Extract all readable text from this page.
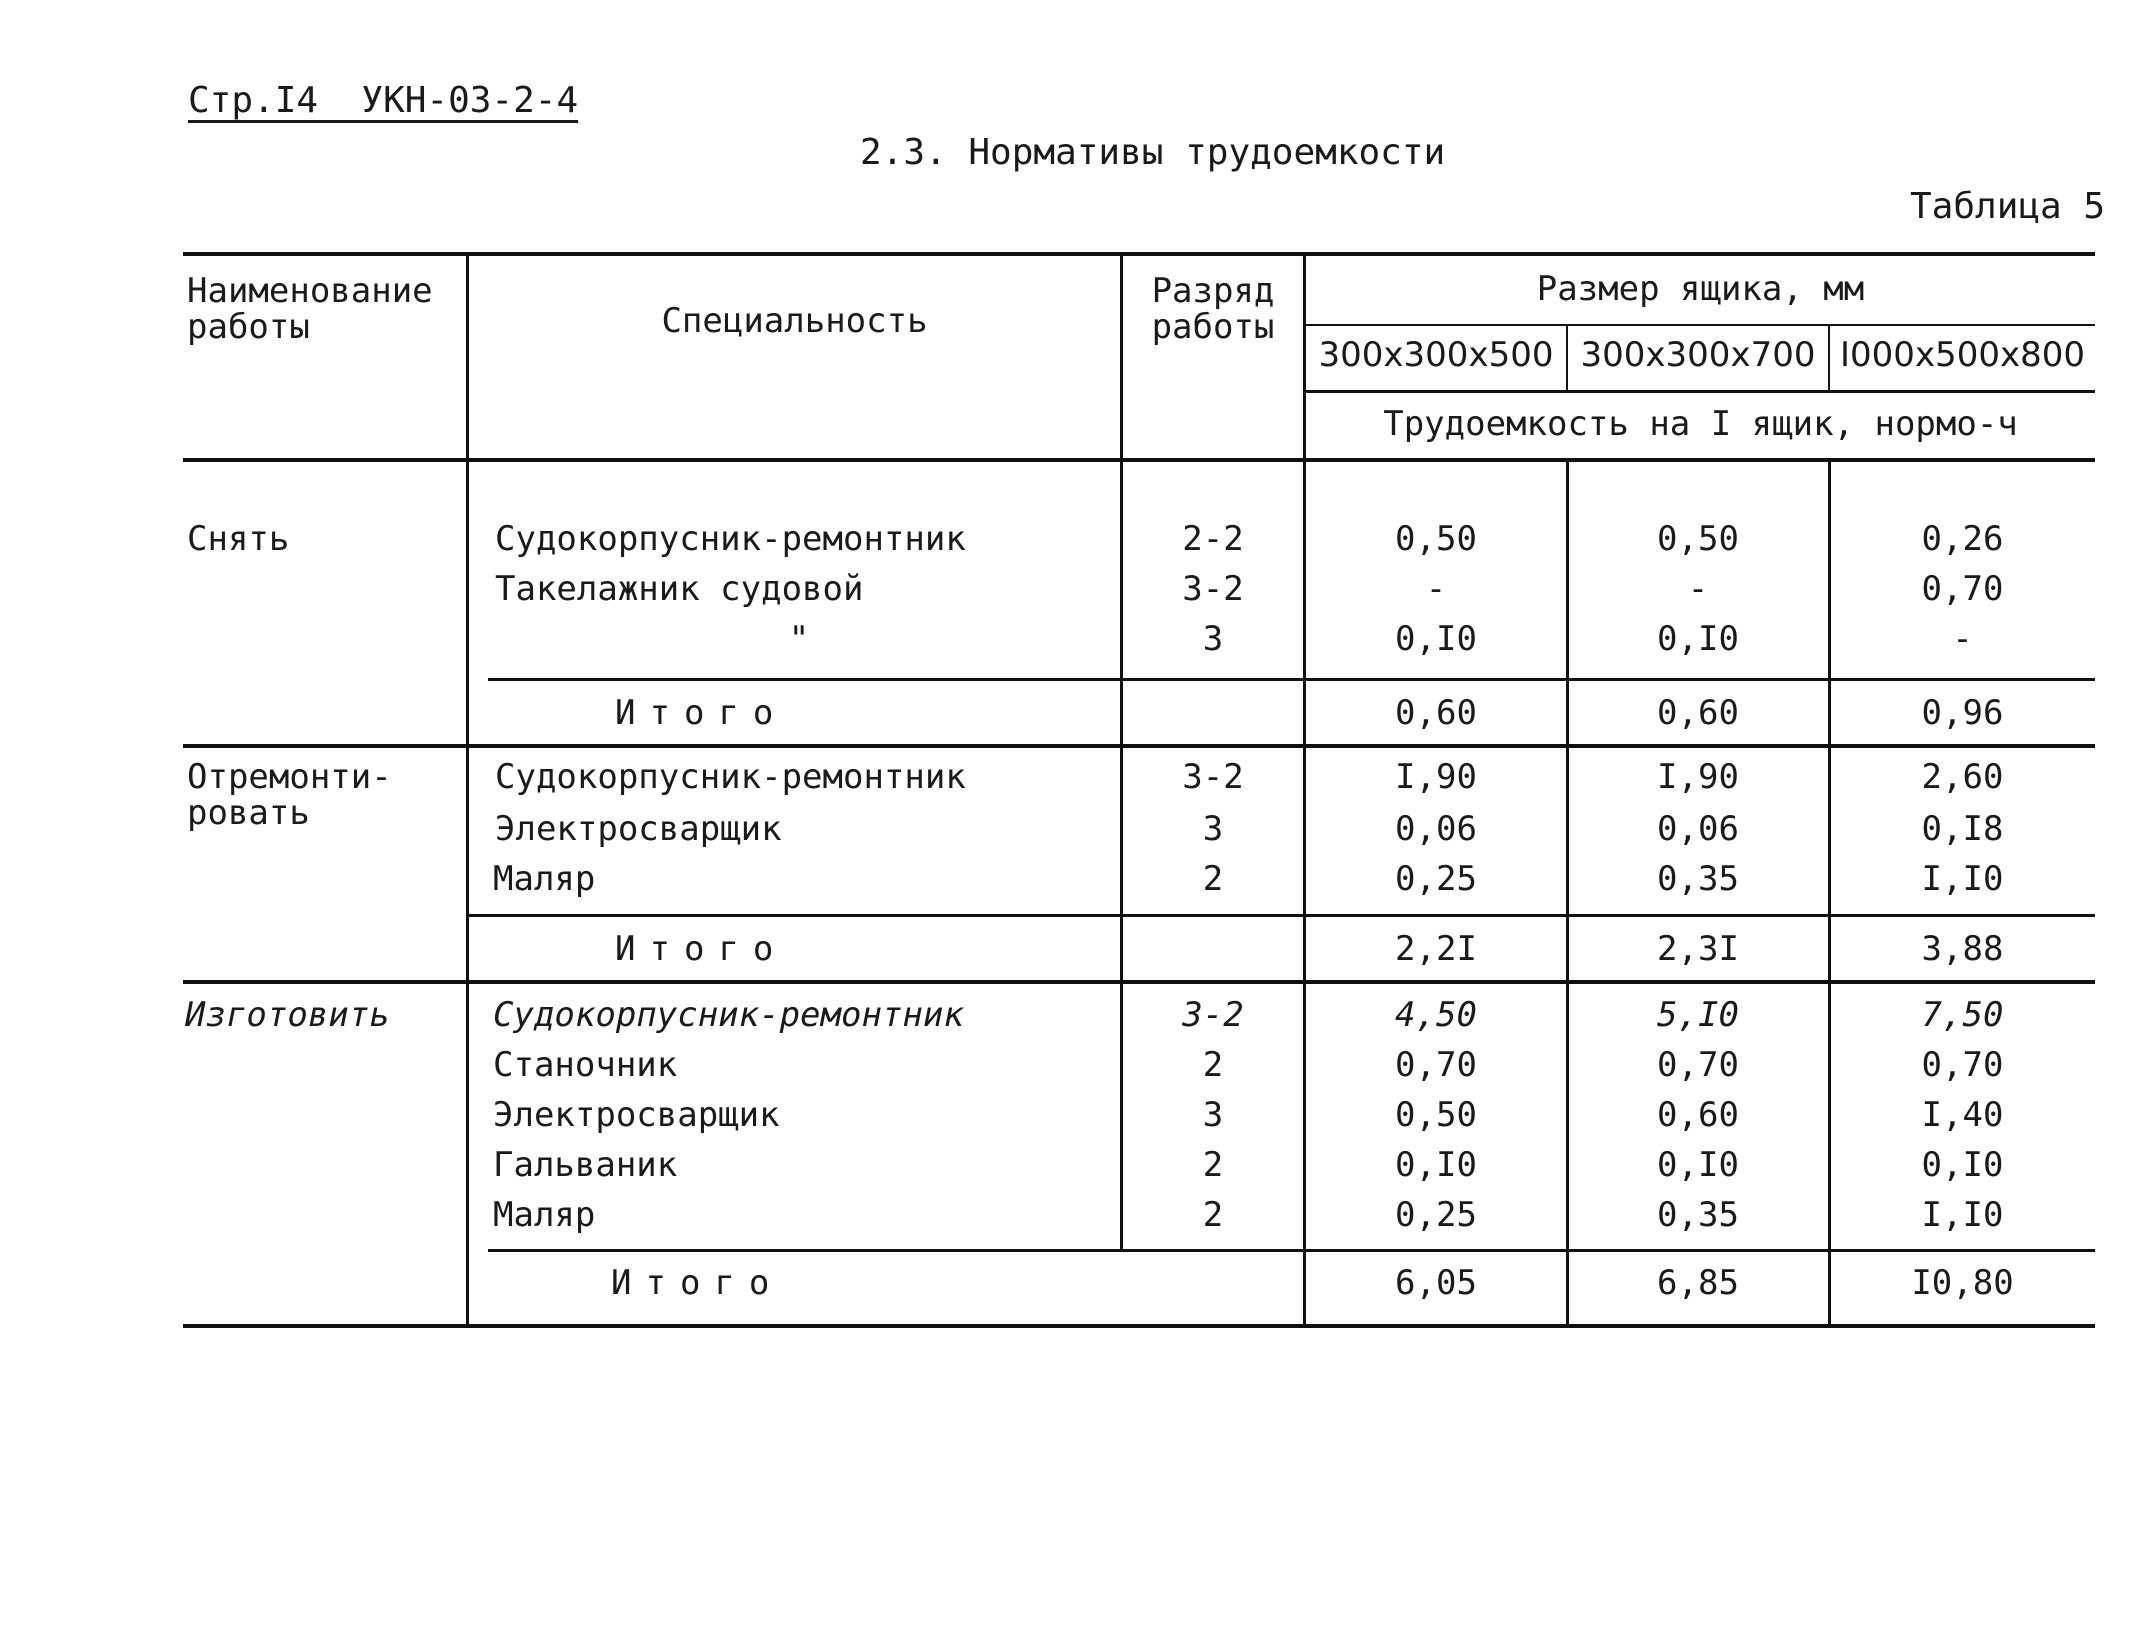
Стр.I4  УКН-03-2-4
2.3. Нормативы трудоемкости
Таблица 5
Наименование
работы	Специальность
Разряд
работы
Размер ящика, мм
300x300x500 300x300x700 I000x500x800
Трудоемкость на I ящик, нормо-ч
Снять	Судокорпусник-ремонтник	2-2	0,50	0,50	0,26
Такелажник судовой	3-2	-	-	0,70
"	3	0,I0	0,I0	-
Итого	0,60	0,60	0,96
Отремонти-
ровать
Судокорпусник-ремонтник	3-2	I,90	I,90	2,60
Электросварщик	3	0,06	0,06	0,I8
Маляр	2	0,25	0,35	I,I0
Итого	2,2I	2,3I	3,88
Изготовить	Судокорпусник-ремонтник	3-2	4,50	5,I0	7,50
Станочник	2	0,70	0,70	0,70
Электросварщик	3	0,50	0,60	I,40
Гальваник	2	0,I0	0,I0	0,I0
Маляр	2	0,25	0,35	I,I0
Итого	6,05	6,85	I0,80
